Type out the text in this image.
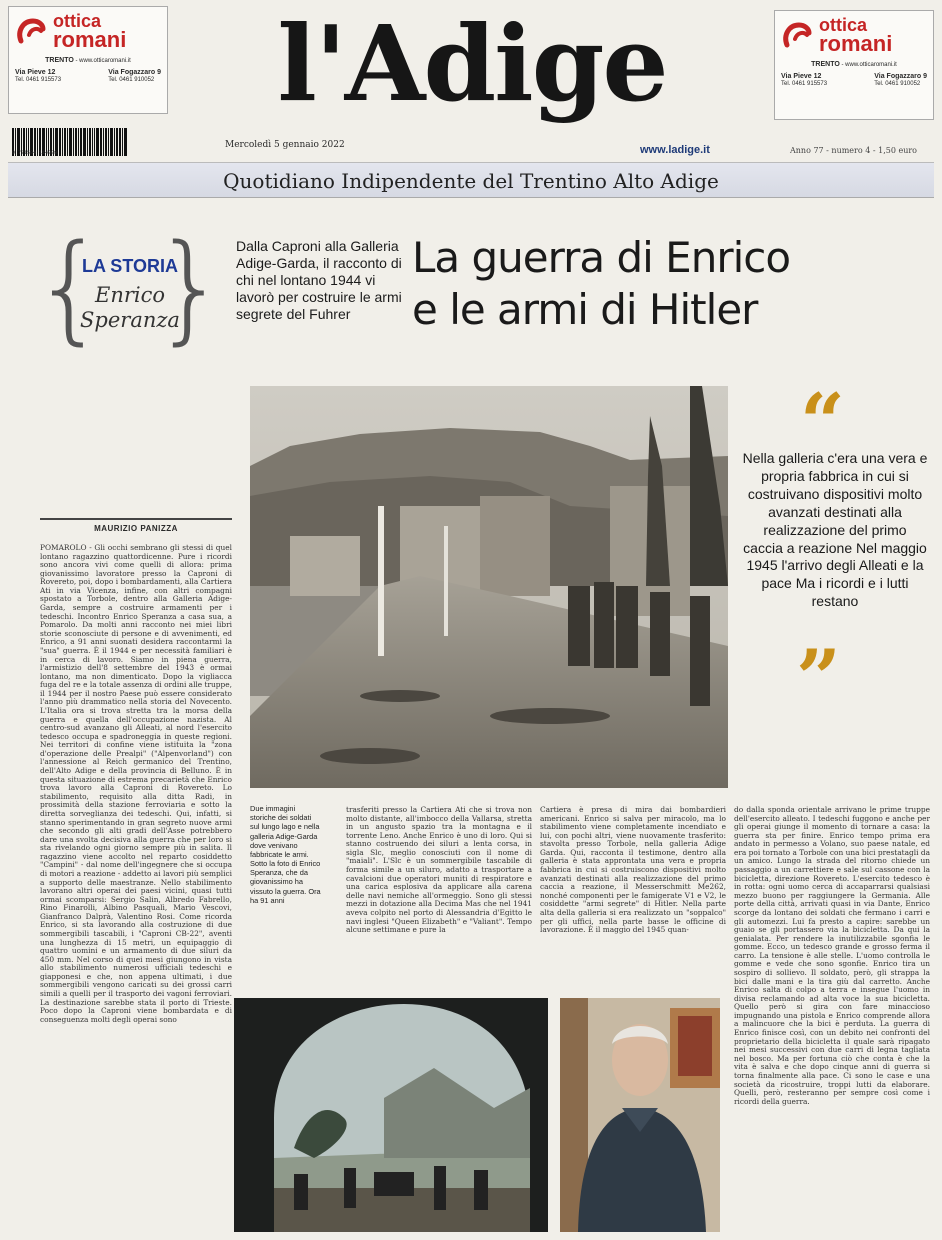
ottica
romani
TRENTO - www.otticaromani.it
Via Pieve 12
Tel. 0461 915573
Via Fogazzaro 9
Tel. 0461 910052
9 771594 114009
l'Adige
Mercoledì 5 gennaio 2022	www.ladige.it	Anno 77 - numero 4 - 1,50 euro
ottica
romani
TRENTO - www.otticaromani.it
Via Pieve 12
Tel. 0461 915573
Via Fogazzaro 9
Tel. 0461 910052
Quotidiano Indipendente del Trentino Alto Adige
{ }
LA STORIA
Enrico
Speranza
Dalla Caproni alla Galleria Adige-Garda, il racconto di chi nel lontano 1944 vi lavorò per costruire le armi segrete del Fuhrer
La guerra di Enrico
e le armi di Hitler
“
Nella galleria c'era una vera e propria fabbrica in cui si costruivano dispositivi molto avanzati destinati alla realizzazione del primo caccia a reazione Nel maggio 1945 l'arrivo degli Alleati e la pace Ma i ricordi e i lutti restano
”
MAURIZIO PANIZZA
POMAROLO - Gli occhi sembrano gli stessi di quel lontano ragazzino quattordicenne. Pure i ricordi sono ancora vivi come quelli di allora: prima giovanissimo lavoratore presso la Caproni di Rovereto, poi, dopo i bombardamenti, alla Cartiera Ati in via Vicenza, infine, con altri compagni spostato a Torbole, dentro alla Galleria Adige-Garda, sempre a costruire armamenti per i tedeschi. Incontro Enrico Speranza a casa sua, a Pomarolo. Da molti anni racconto nei miei libri storie sconosciute di persone e di avvenimenti, ed Enrico, a 91 anni suonati desidera raccontarmi la "sua" guerra. È il 1944 e per necessità familiari è in cerca di lavoro. Siamo in piena guerra, l'armistizio dell'8 settembre del 1943 è ormai lontano, ma non dimenticato. Dopo la vigliacca fuga del re e la totale assenza di ordini alle truppe, il 1944 per il nostro Paese può essere considerato l'anno più drammatico nella storia del Novecento. L'Italia ora si trova stretta tra la morsa della guerra e quella dell'occupazione nazista. Al centro-sud avanzano gli Alleati, al nord l'esercito tedesco occupa e spadroneggia in queste regioni. Nei territori di confine viene istituita la "zona d'operazione delle Prealpi" ("Alpenvorland") con l'annessione al Reich germanico del Trentino, dell'Alto Adige e della provincia di Belluno. È in questa situazione di estrema precarietà che Enrico trova lavoro alla Caproni di Rovereto. Lo stabilimento, requisito alla ditta Radi, in prossimità della stazione ferroviaria e sotto la diretta sorveglianza dei tedeschi. Qui, infatti, si stanno sperimentando in gran segreto nuove armi che secondo gli alti gradi dell'Asse potrebbero dare una svolta decisiva alla guerra che per loro si sta rivelando ogni giorno sempre più in salita. Il ragazzino viene accolto nel reparto cosiddetto "Campini" - dal nome dell'ingegnere che si occupa di motori a reazione - addetto ai lavori più semplici a supporto delle maestranze. Nello stabilimento lavorano altri operai dei paesi vicini, quasi tutti ormai scomparsi: Sergio Salin, Albredo Fabrello, Rino Finarolli, Albino Pasqualì, Mario Vescovi, Gianfranco Dalprà, Valentino Rosi. Come ricorda Enrico, si sta lavorando alla costruzione di due sommergibili tascabili, i "Caproni CB-22", aventi una lunghezza di 15 metri, un equipaggio di quattro uomini e un armamento di due siluri da 450 mm. Nel corso di quei mesi giungono in vista allo stabilimento numerosi ufficiali tedeschi e giapponesi e che, non appena ultimati, i due sommergibili vengono caricati su dei grossi carri simili a quelli per il trasporto dei vagoni ferroviari. La destinazione sarebbe stata il porto di Trieste. Poco dopo la Caproni viene bombardata e di conseguenza molti degli operai sono
Due immagini storiche dei soldati sul lungo lago e nella galleria Adige-Garda dove venivano fabbricate le armi. Sotto la foto di Enrico Speranza, che da giovanissimo ha vissuto la guerra. Ora ha 91 anni
trasferiti presso la Cartiera Ati che si trova non molto distante, all'imbocco della Vallarsa, stretta in un angusto spazio tra la montagna e il torrente Leno. Anche Enrico è uno di loro. Qui si stanno costruendo dei siluri a lenta corsa, in sigla Slc, meglio conosciuti con il nome di "maiali". L'Slc è un sommergibile tascabile di forma simile a un siluro, adatto a trasportare a cavalcioni due operatori muniti di respiratore e una carica esplosiva da applicare alla carena delle navi nemiche all'ormeggio. Sono gli stessi mezzi in dotazione alla Decima Mas che nel 1941 aveva colpito nel porto di Alessandria d'Egitto le navi inglesi "Queen Elizabeth" e "Valiant". Tempo alcune settimane e pure la
Cartiera è presa di mira dai bombardieri americani. Enrico si salva per miracolo, ma lo stabilimento viene completamente incendiato e lui, con pochi altri, viene nuovamente trasferito: stavolta presso Torbole, nella galleria Adige Garda. Qui, racconta il testimone, dentro alla galleria è stata approntata una vera e propria fabbrica in cui si costruiscono dispositivi molto avanzati destinati alla realizzazione del primo caccia a reazione, il Messerschmitt Me262, nonché componenti per le famigerate V1 e V2, le cosiddette "armi segrete" di Hitler. Nella parte alta della galleria si era realizzato un "soppalco" per gli uffici, nella parte basse le officine di lavorazione. È il maggio del 1945 quan-
do dalla sponda orientale arrivano le prime truppe dell'esercito alleato. I tedeschi fuggono e anche per gli operai giunge il momento di tornare a casa: la guerra sta per finire. Enrico tempo prima era andato in permesso a Volano, suo paese natale, ed era poi tornato a Torbole con una bici prestatagli da un amico. Lungo la strada del ritorno chiede un passaggio a un carrettiere e sale sul cassone con la bicicletta, direzione Rovereto. L'esercito tedesco è in rotta: ogni uomo cerca di accaparrarsi qualsiasi mezzo buono per raggiungere la Germania. Alle porte della città, arrivati quasi in via Dante, Enrico scorge da lontano dei soldati che fermano i carri e gli automezzi. Lui fa presto a capire: sarebbe un guaio se gli portassero via la bicicletta. Da qui la genialata. Per rendere la inutilizzabile sgonfia le gomme. Ecco, un tedesco grande e grosso ferma il carro. La tensione è alle stelle. L'uomo controlla le gomme e vede che sono sgonfie. Enrico tira un sospiro di sollievo. Il soldato, però, gli strappa la bici dalle mani e la tira giù dal carretto. Anche Enrico salta di colpo a terra e insegue l'uomo in divisa reclamando ad alta voce la sua bicicletta. Quello però si gira con fare minaccioso impugnando una pistola e Enrico comprende allora a malincuore che la bici è perduta. La guerra di Enrico finisce così, con un debito nei confronti del proprietario della bicicletta il quale sarà ripagato nei mesi successivi con due carri di legna tagliata nel bosco. Ma per fortuna ciò che conta è che la vita è salva e che dopo cinque anni di guerra si torna finalmente alla pace. Ci sono le case e una società da ricostruire, troppi lutti da elaborare. Quelli, però, resteranno per sempre così come i ricordi della guerra.
